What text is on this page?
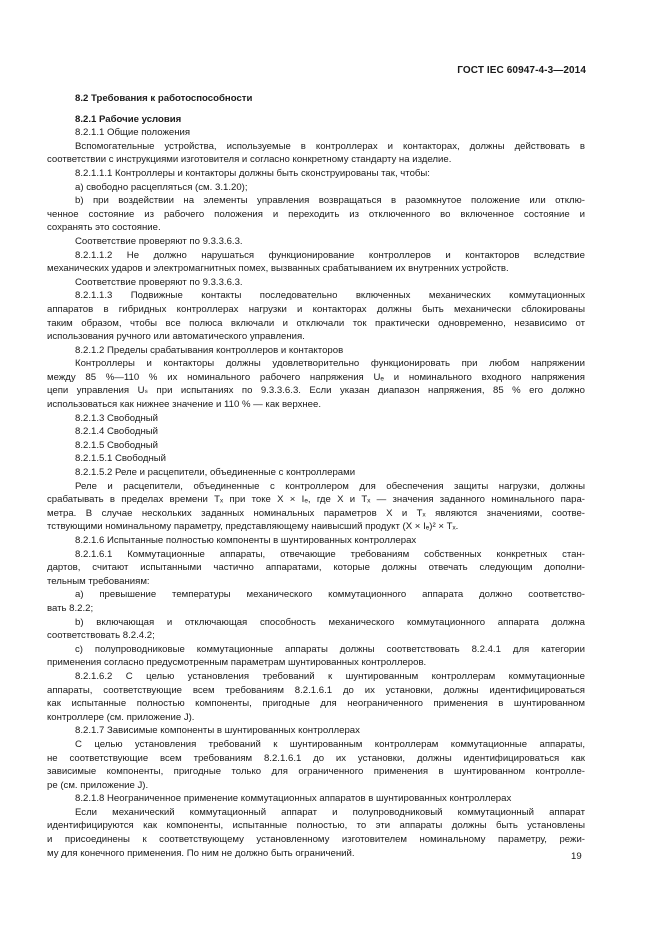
ГОСТ IEC 60947-4-3—2014
8.2 Требования к работоспособности
8.2.1 Рабочие условия
8.2.1.1 Общие положения
Вспомогательные устройства, используемые в контроллерах и контакторах, должны действовать в
соответствии с инструкциями изготовителя и согласно конкретному стандарту на изделие.
8.2.1.1.1 Контроллеры и контакторы должны быть сконструированы так, чтобы:
a) свободно расцепляться (см. 3.1.20);
b) при воздействии на элементы управления возвращаться в разомкнутое положение или отклю-
ченное состояние из рабочего положения и переходить из отключенного во включенное состояние и
сохранять это состояние.
Соответствие проверяют по 9.3.3.6.3.
8.2.1.1.2 Не должно нарушаться функционирование контроллеров и контакторов вследствие
механических ударов и электромагнитных помех, вызванных срабатыванием их внутренних устройств.
Соответствие проверяют по 9.3.3.6.3.
8.2.1.1.3 Подвижные контакты последовательно включенных механических коммутационных
аппаратов в гибридных контроллерах нагрузки и контакторах должны быть механически сблокированы
таким образом, чтобы все полюса включали и отключали ток практически одновременно, независимо от
использования ручного или автоматического управления.
8.2.1.2 Пределы срабатывания контроллеров и контакторов
Контроллеры и контакторы должны удовлетворительно функционировать при любом напряжении
между 85 %—110 % их номинального рабочего напряжения Uₑ и номинального входного напряжения
цепи управления Uₛ при испытаниях по 9.3.3.6.3. Если указан диапазон напряжения, 85 % его должно
использоваться как нижнее значение и 110 % — как верхнее.
8.2.1.3 Свободный
8.2.1.4 Свободный
8.2.1.5 Свободный
8.2.1.5.1 Свободный
8.2.1.5.2 Реле и расцепители, объединенные с контроллерами
Реле и расцепители, объединенные с контроллером для обеспечения защиты нагрузки, должны
срабатывать в пределах времени Tₓ при токе X × Iₑ, где X и Tₓ — значения заданного номинального пара-
метра. В случае нескольких заданных номинальных параметров X и Tₓ являются значениями, соотве-
тствующими номинальному параметру, представляющему наивысший продукт (X × Iₑ)² × Tₓ.
8.2.1.6 Испытанные полностью компоненты в шунтированных контроллерах
8.2.1.6.1 Коммутационные аппараты, отвечающие требованиям собственных конкретных стан-
дартов, считают испытанными частично аппаратами, которые должны отвечать следующим дополни-
тельным требованиям:
a) превышение температуры механического коммутационного аппарата должно соответство-
вать 8.2.2;
b) включающая и отключающая способность механического коммутационного аппарата должна
соответствовать 8.2.4.2;
c) полупроводниковые коммутационные аппараты должны соответствовать 8.2.4.1 для категории
применения согласно предусмотренным параметрам шунтированных контроллеров.
8.2.1.6.2 С целью установления требований к шунтированным контроллерам коммутационные
аппараты, соответствующие всем требованиям 8.2.1.6.1 до их установки, должны идентифицироваться
как испытанные полностью компоненты, пригодные для неограниченного применения в шунтированном
контроллере (см. приложение J).
8.2.1.7 Зависимые компоненты в шунтированных контроллерах
С целью установления требований к шунтированным контроллерам коммутационные аппараты,
не соответствующие всем требованиям 8.2.1.6.1 до их установки, должны идентифицироваться как
зависимые компоненты, пригодные только для ограниченного применения в шунтированном контролле-
ре (см. приложение J).
8.2.1.8 Неограниченное применение коммутационных аппаратов в шунтированных контроллерах
Если механический коммутационный аппарат и полупроводниковый коммутационный аппарат
идентифицируются как компоненты, испытанные полностью, то эти аппараты должны быть установлены
и присоединены к соответствующему установленному изготовителем номинальному параметру, режи-
му для конечного применения. По ним не должно быть ограничений.	19
